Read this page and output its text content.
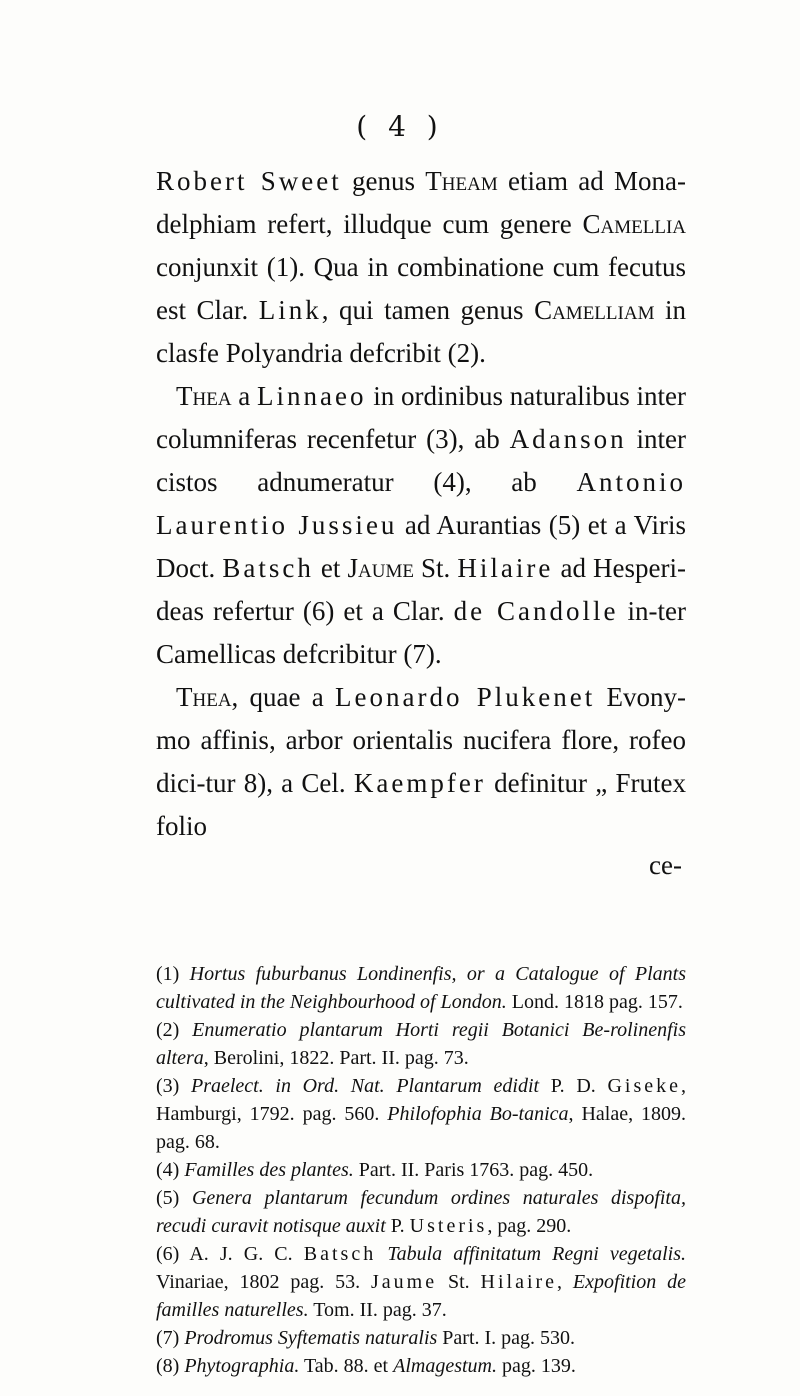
( 4 )

Robert Sweet genus Theam etiam ad Mona-delphiam refert, illudque cum genere Camellia conjunxit (1). Qua in combinatione cum fecutus est Clar. Link, qui tamen genus Camelliam in clasfe Polyandria defcribit (2).

Thea a Linnaeo in ordinibus naturalibus inter columniferas recenfetur (3), ab Adanson inter cistos adnumeratur (4), ab Antonio Laurentio Jussieu ad Aurantias (5) et a Viris Doct. Batsch et Jaume St. Hilaire ad Hesperi-deas refertur (6) et a Clar. de Candolle in-ter Camellicas defcribitur (7).

Thea, quae a Leonardo Plukenet Evony-mo affinis, arbor orientalis nucifera flore, rofeo dici-tur 8), a Cel. Kaempfer definitur „ Frutex folio

ce-

(1) Hortus fuburbanus Londinenfis, or a Catalogue of Plants cultivated in the Neighbourhood of London. Lond. 1818 pag. 157.

(2) Enumeratio plantarum Horti regii Botanici Be-rolinenfis altera, Berolini, 1822. Part. II. pag. 73.

(3) Praelect. in Ord. Nat. Plantarum edidit P. D. Giseke, Hamburgi, 1792. pag. 560. Philofophia Bo-tanica, Halae, 1809. pag. 68.

(4) Familles des plantes. Part. II. Paris 1763. pag. 450.

(5) Genera plantarum fecundum ordines naturales dispofita, recudi curavit notisque auxit P. Usteris, pag. 290.

(6) A. J. G. C. Batsch Tabula affinitatum Regni vegetalis. Vinariae, 1802 pag. 53. Jaume St. Hilaire, Expofition de familles naturelles. Tom. II. pag. 37.

(7) Prodromus Syftematis naturalis Part. I. pag. 530.

(8) Phytographia. Tab. 88. et Almagestum. pag. 139.
